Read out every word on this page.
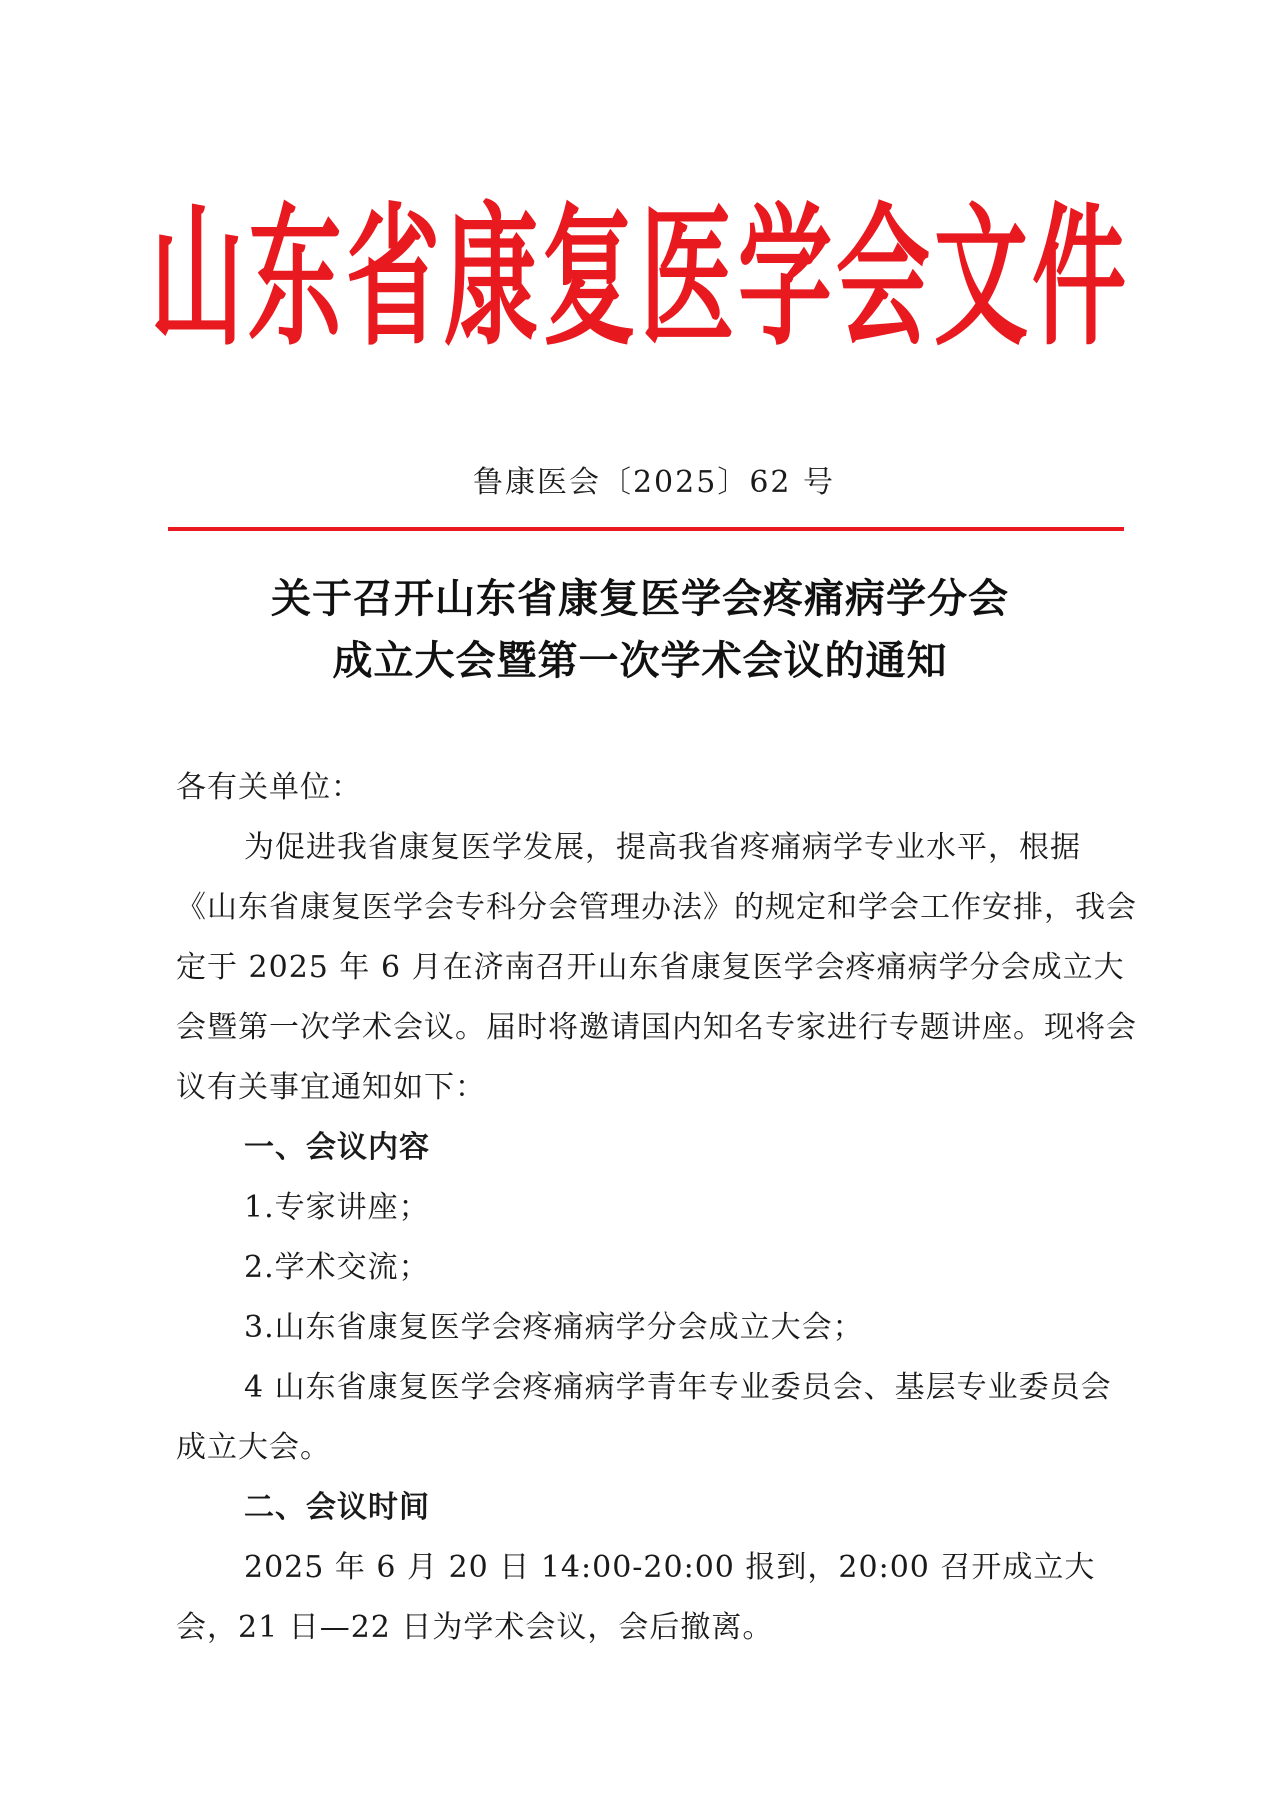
山东省康复医学会文件
鲁康医会〔2025〕62 号
关于召开山东省康复医学会疼痛病学分会
成立大会暨第一次学术会议的通知

各有关单位：

为促进我省康复医学发展，提高我省疼痛病学专业水平，根据《山东省康复医学会专科分会管理办法》的规定和学会工作安排，我会定于 2025 年 6 月在济南召开山东省康复医学会疼痛病学分会成立大会暨第一次学术会议。届时将邀请国内知名专家进行专题讲座。现将会议有关事宜通知如下：

一、会议内容

1.专家讲座；

2.学术交流；

3.山东省康复医学会疼痛病学分会成立大会；

4 山东省康复医学会疼痛病学青年专业委员会、基层专业委员会成立大会。

二、会议时间

2025 年 6 月 20 日 14:00-20:00 报到，20:00 召开成立大会，21 日—22 日为学术会议，会后撤离。
